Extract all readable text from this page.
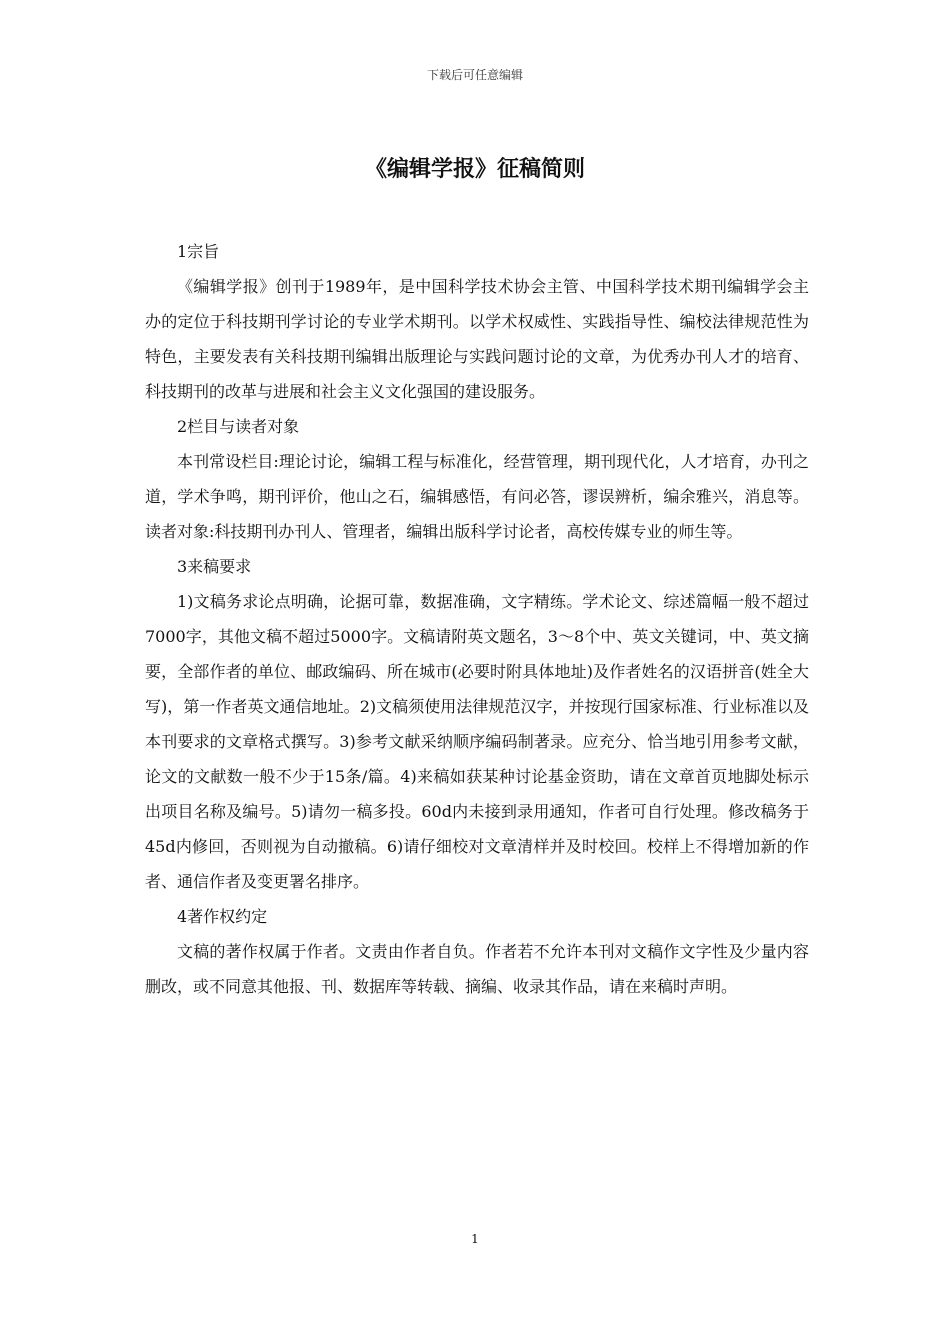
下载后可任意编辑
《编辑学报》征稿简则

1宗旨

《编辑学报》创刊于1989年，是中国科学技术协会主管、中国科学技术期刊编辑学会主办的定位于科技期刊学讨论的专业学术期刊。以学术权威性、实践指导性、编校法律规范性为特色，主要发表有关科技期刊编辑出版理论与实践问题讨论的文章，为优秀办刊人才的培育、科技期刊的改革与进展和社会主义文化强国的建设服务。

2栏目与读者对象

本刊常设栏目:理论讨论，编辑工程与标准化，经营管理，期刊现代化，人才培育，办刊之道，学术争鸣，期刊评价，他山之石，编辑感悟，有问必答，谬误辨析，编余雅兴，消息等。读者对象:科技期刊办刊人、管理者，编辑出版科学讨论者，高校传媒专业的师生等。

3来稿要求

1)文稿务求论点明确，论据可靠，数据准确，文字精练。学术论文、综述篇幅一般不超过7000字，其他文稿不超过5000字。文稿请附英文题名，3～8个中、英文关键词，中、英文摘要，全部作者的单位、邮政编码、所在城市(必要时附具体地址)及作者姓名的汉语拼音(姓全大写)，第一作者英文通信地址。2)文稿须使用法律规范汉字，并按现行国家标准、行业标准以及本刊要求的文章格式撰写。3)参考文献采纳顺序编码制著录。应充分、恰当地引用参考文献，论文的文献数一般不少于15条/篇。4)来稿如获某种讨论基金资助，请在文章首页地脚处标示出项目名称及编号。5)请勿一稿多投。60d内未接到录用通知，作者可自行处理。修改稿务于45d内修回，否则视为自动撤稿。6)请仔细校对文章清样并及时校回。校样上不得增加新的作者、通信作者及变更署名排序。

4著作权约定

文稿的著作权属于作者。文责由作者自负。作者若不允许本刊对文稿作文字性及少量内容删改，或不同意其他报、刊、数据库等转载、摘编、收录其作品，请在来稿时声明。

1
